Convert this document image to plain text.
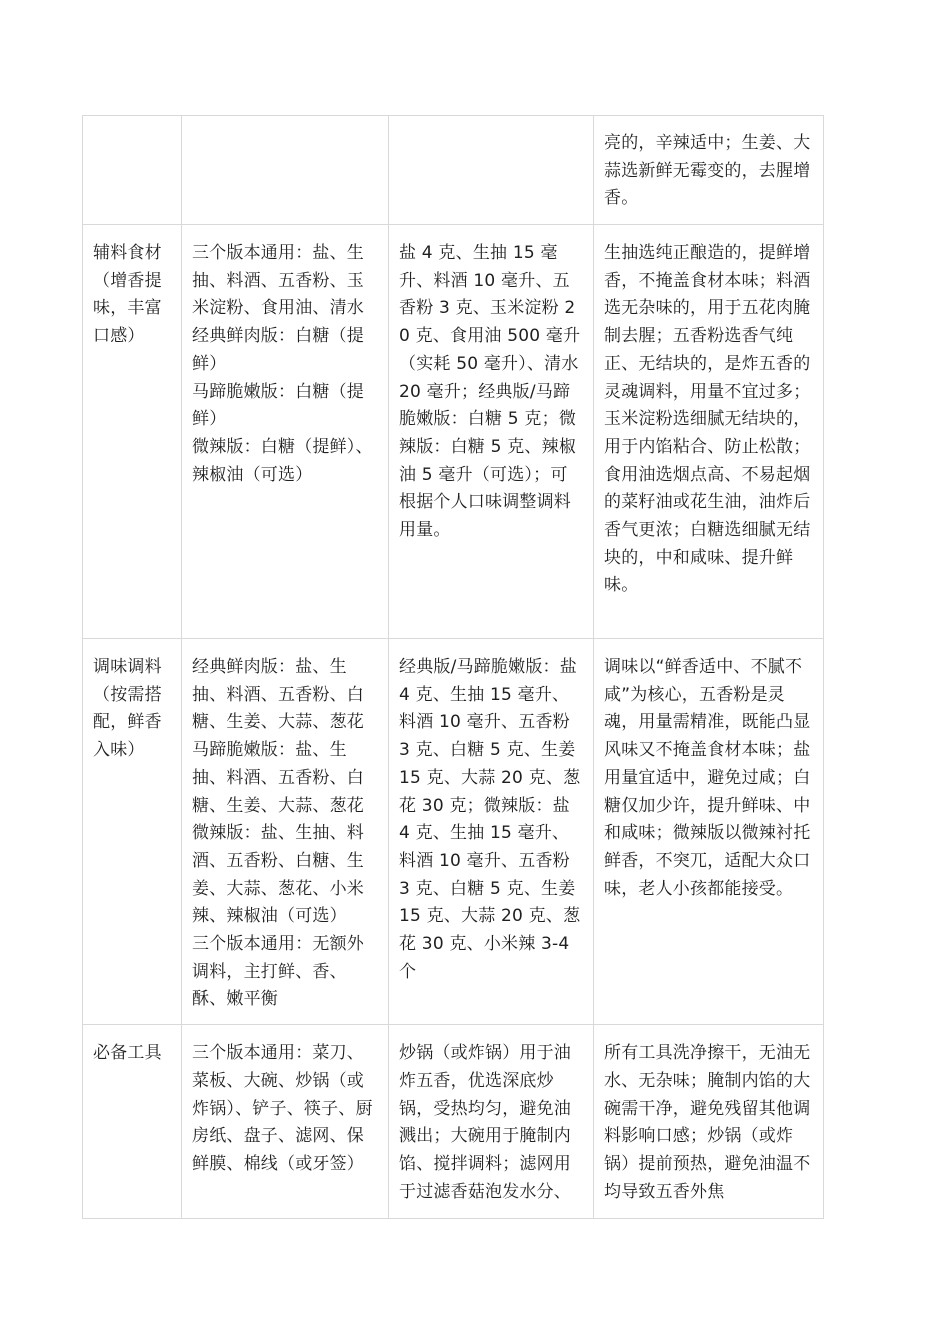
			亮的，辛辣适中；生姜、大蒜选新鲜无霉变的，去腥增香。

辅料食材（增香提味，丰富口感）	三个版本通用：盐、生抽、料酒、五香粉、玉米淀粉、食用油、清水
经典鲜肉版：白糖（提鲜）
马蹄脆嫩版：白糖（提鲜）
微辣版：白糖（提鲜）、辣椒油（可选）	盐 4 克、生抽 15 毫升、料酒 10 毫升、五香粉 3 克、玉米淀粉 20 克、食用油 500 毫升（实耗 50 毫升）、清水 20 毫升；经典版/马蹄脆嫩版：白糖 5 克；微辣版：白糖 5 克、辣椒油 5 毫升（可选）；可根据个人口味调整调料用量。	生抽选纯正酿造的，提鲜增香，不掩盖食材本味；料酒选无杂味的，用于五花肉腌制去腥；五香粉选香气纯正、无结块的，是炸五香的灵魂调料，用量不宜过多；玉米淀粉选细腻无结块的，用于内馅粘合、防止松散；食用油选烟点高、不易起烟的菜籽油或花生油，油炸后香气更浓；白糖选细腻无结块的，中和咸味、提升鲜味。

调味调料（按需搭配，鲜香入味）	经典鲜肉版：盐、生抽、料酒、五香粉、白糖、生姜、大蒜、葱花
马蹄脆嫩版：盐、生抽、料酒、五香粉、白糖、生姜、大蒜、葱花
微辣版：盐、生抽、料酒、五香粉、白糖、生姜、大蒜、葱花、小米辣、辣椒油（可选）
三个版本通用：无额外调料，主打鲜、香、酥、嫩平衡	经典版/马蹄脆嫩版：盐 4 克、生抽 15 毫升、料酒 10 毫升、五香粉 3 克、白糖 5 克、生姜 15 克、大蒜 20 克、葱花 30 克；微辣版：盐 4 克、生抽 15 毫升、料酒 10 毫升、五香粉 3 克、白糖 5 克、生姜 15 克、大蒜 20 克、葱花 30 克、小米辣 3-4 个	调味以“鲜香适中、不腻不咸”为核心，五香粉是灵魂，用量需精准，既能凸显风味又不掩盖食材本味；盐用量宜适中，避免过咸；白糖仅加少许，提升鲜味、中和咸味；微辣版以微辣衬托鲜香，不突兀，适配大众口味，老人小孩都能接受。

必备工具	三个版本通用：菜刀、菜板、大碗、炒锅（或炸锅）、铲子、筷子、厨房纸、盘子、滤网、保鲜膜、棉线（或牙签）	炒锅（或炸锅）用于油炸五香，优选深底炒锅，受热均匀，避免油溅出；大碗用于腌制内馅、搅拌调料；滤网用于过滤香菇泡发水分、	所有工具洗净擦干，无油无水、无杂味；腌制内馅的大碗需干净，避免残留其他调料影响口感；炒锅（或炸锅）提前预热，避免油温不均导致五香外焦
